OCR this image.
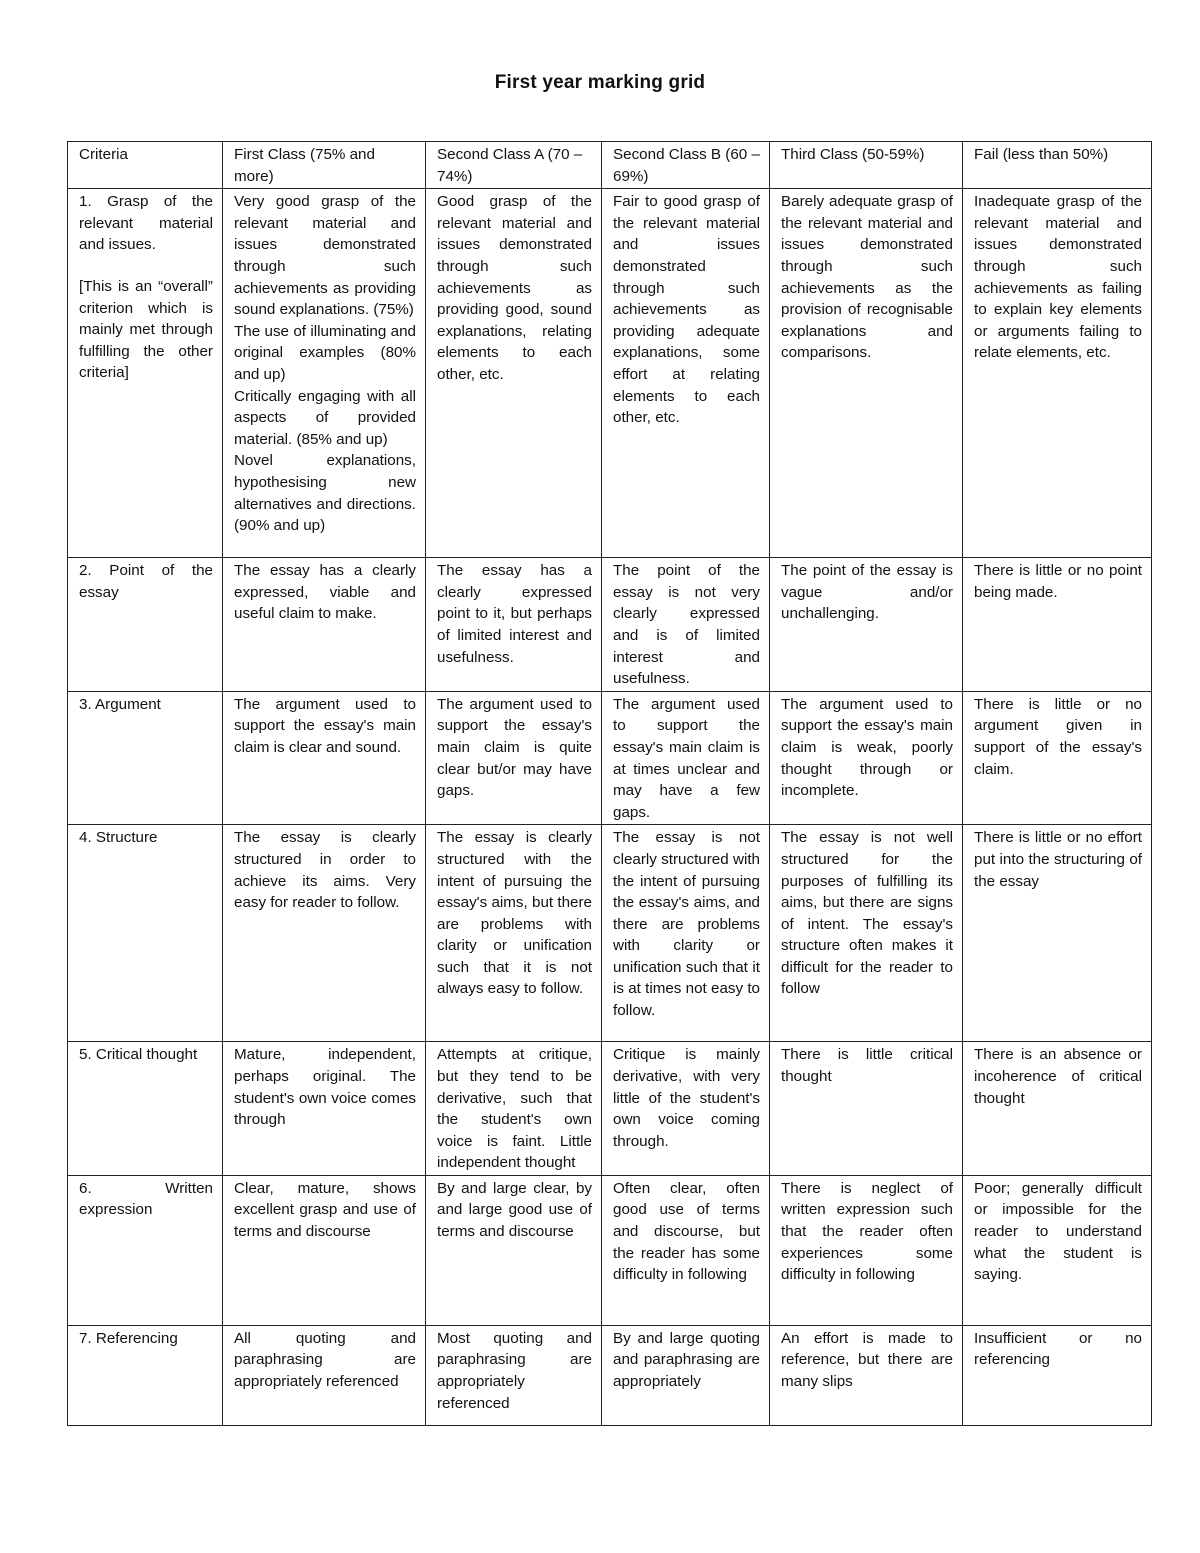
First year marking grid
Criteria	First Class (75% and more)	Second Class A (70 – 74%)	Second Class B (60 – 69%)	Third Class (50-59%)	Fail (less than 50%)

1. Grasp of the relevant material and issues.
[This is an “overall” criterion which is mainly met through fulfilling the other criteria]	Very good grasp of the relevant material and issues demonstrated through such achievements as providing sound explanations. (75%)
The use of illuminating and original examples (80% and up)
Critically engaging with all aspects of provided material. (85% and up)
Novel explanations, hypothesising new alternatives and directions. (90% and up)	Good grasp of the relevant material and issues demonstrated through such achievements as providing good, sound explanations, relating elements to each other, etc.	Fair to good grasp of the relevant material and issues demonstrated through such achievements as providing adequate explanations, some effort at relating elements to each other, etc.	Barely adequate grasp of the relevant material and issues demonstrated through such achievements as the provision of recognisable explanations and comparisons.	Inadequate grasp of the relevant material and issues demonstrated through such achievements as failing to explain key elements or arguments failing to relate elements, etc.
2. Point of the essay	The essay has a clearly expressed, viable and useful claim to make.	The essay has a clearly expressed point to it, but perhaps of limited interest and usefulness.	The point of the essay is not very clearly expressed and is of limited interest and usefulness.	The point of the essay is vague and/or unchallenging.	There is little or no point being made.
3. Argument	The argument used to support the essay's main claim is clear and sound.	The argument used to support the essay's main claim is quite clear but/or may have gaps.	The argument used to support the essay's main claim is at times unclear and may have a few gaps.	The argument used to support the essay's main claim is weak, poorly thought through or incomplete.	There is little or no argument given in support of the essay's claim.
4. Structure	The essay is clearly structured in order to achieve its aims. Very easy for reader to follow.	The essay is clearly structured with the intent of pursuing the essay's aims, but there are problems with clarity or unification such that it is not always easy to follow.	The essay is not clearly structured with the intent of pursuing the essay's aims, and there are problems with clarity or unification such that it is at times not easy to follow.	The essay is not well structured for the purposes of fulfilling its aims, but there are signs of intent. The essay's structure often makes it difficult for the reader to follow	There is little or no effort put into the structuring of the essay
5. Critical thought	Mature, independent, perhaps original. The student's own voice comes through	Attempts at critique, but they tend to be derivative, such that the student's own voice is faint. Little independent thought	Critique is mainly derivative, with very little of the student's own voice coming through.	There is little critical thought	There is an absence or incoherence of critical thought
6. Written expression	Clear, mature, shows excellent grasp and use of terms and discourse	By and large clear, by and large good use of terms and discourse	Often clear, often good use of terms and discourse, but the reader has some difficulty in following	There is neglect of written expression such that the reader often experiences some difficulty in following	Poor; generally difficult or impossible for the reader to understand what the student is saying.
7. Referencing	All quoting and paraphrasing are appropriately referenced	Most quoting and paraphrasing are appropriately referenced	By and large quoting and paraphrasing are appropriately	An effort is made to reference, but there are many slips	Insufficient or no referencing
